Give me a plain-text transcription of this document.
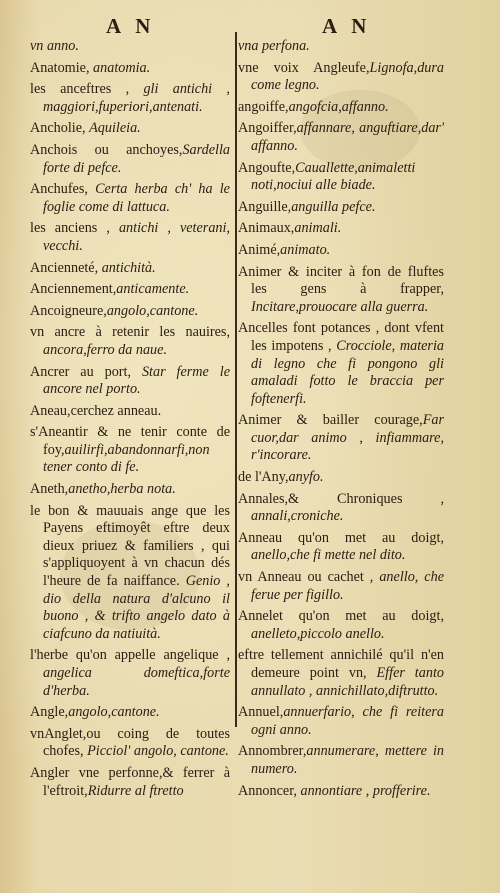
A N	A N

vn anno.

Anatomie, anatomia.

les anceftres , gli antichi , maggiori,fuperiori,antenati.

Ancholie, Aquileia.

Anchois ou anchoyes,Sardella forte di pefce.

Anchufes, Certa herba ch' ha le foglie come di lattuca.

les anciens , antichi , veterani, vecchi.

Ancienneté, antichità.

Anciennement,anticamente.

Ancoigneure,angolo,cantone.

vn ancre à retenir les nauires, ancora,ferro da naue.

Ancrer au port, Star ferme le ancore nel porto.

Aneau,cerchez anneau.

s'Aneantir & ne tenir conte de foy,auilirfi,abandonnarfi,non tener conto di fe.

Aneth,anetho,herba nota.

le bon & mauuais ange que les Payens eftimoyêt eftre deux dieux priuez & familiers , qui s'appliquoyent à vn chacun dés l'heure de fa naiffance. Genio , dio della natura d'alcuno il buono , & trifto angelo dato à ciafcuno da natiuità.

l'herbe qu'on appelle angelique , angelica domeftica,forte d'herba.

Angle,angolo,cantone.

vnAnglet,ou coing de toutes chofes, Picciol' angolo, cantone.

Angler vne perfonne,& ferrer à l'eftroit,Ridurre al ftretto

vna perfona.

vne voix Angleufe,Lignofa,dura come legno.

angoiffe,angofcia,affanno.

Angoiffer,affannare, anguftiare,dar' affanno.

Angoufte,Cauallette,animaletti noti,nociui alle biade.

Anguille,anguilla pefce.

Animaux,animali.

Animé,animato.

Animer & inciter à fon de fluftes les gens à frapper, Incitare,prouocare alla guerra.

Ancelles font potances , dont vfent les impotens , Crocciole, materia di legno che fi pongono gli amaladi fotto le braccia per foftenerfi.

Animer & bailler courage,Far cuor,dar animo , infiammare, r'incorare.

de l'Any,anyfo.

Annales,& Chroniques , annali,croniche.

Anneau qu'on met au doigt, anello,che fi mette nel dito.

vn Anneau ou cachet , anello, che ferue per figillo.

Annelet qu'on met au doigt, anelleto,piccolo anello.

eftre tellement annichilé qu'il n'en demeure point vn, Effer tanto annullato , annichillato,diftrutto.

Annuel,annuerfario, che fi reitera ogni anno.

Annombrer,annumerare, mettere in numero.

Annoncer, annontiare , profferire.
